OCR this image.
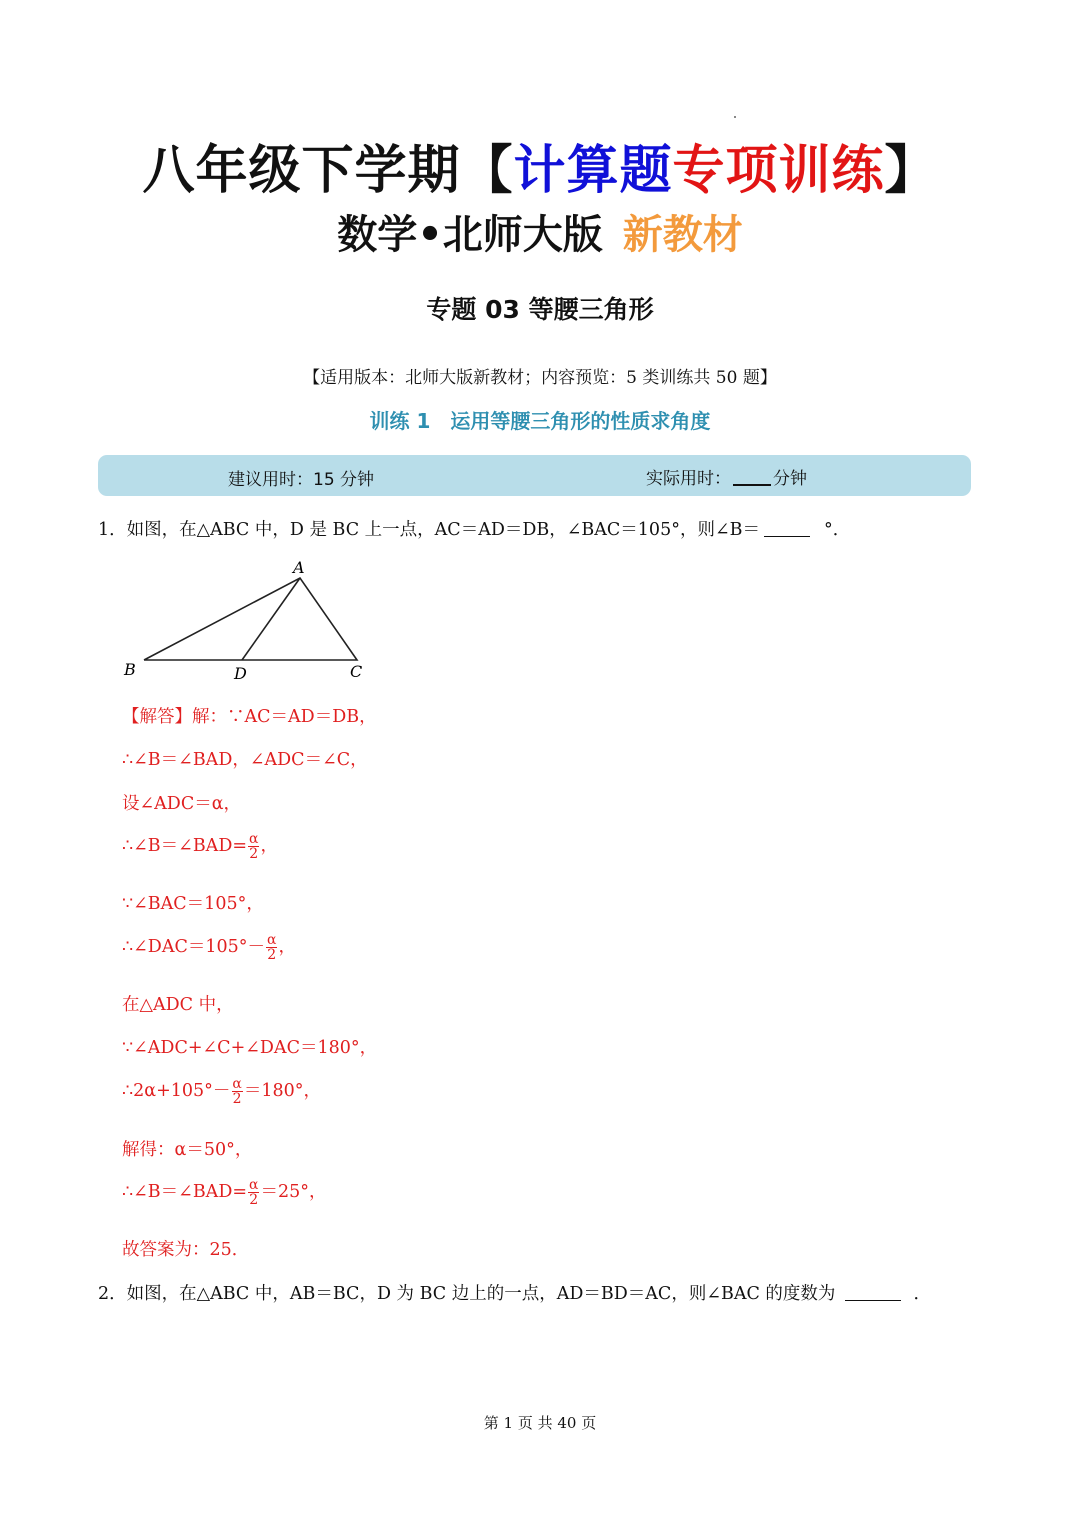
八年级下学期【计算题专项训练】
数学•北师大版 新教材
专题 03 等腰三角形
【适用版本：北师大版新教材；内容预览：5 类训练共 50 题】
训练 1　运用等腰三角形的性质求角度
建议用时：15 分钟	实际用时： 分钟
1．如图，在△ABC 中，D 是 BC 上一点，AC＝AD＝DB，∠BAC＝105°，则∠B＝	°．
A
B	D	C
【解答】解：∵AC＝AD＝DB，
∴∠B＝∠BAD，∠ADC＝∠C，
设∠ADC＝α，
∴∠B＝∠BAD= $\frac{\alpha}{2}$ ，
∵∠BAC＝105°，
∴∠DAC＝105°－ $\frac{\alpha}{2}$ ，
在△ADC 中，
∵∠ADC+∠C+∠DAC＝180°，
∴2α+105°－ $\frac{\alpha}{2} =180^\circ$，
解得：α＝50°，
∴∠B＝∠BAD= $\frac{\alpha}{2} =25^\circ$，
故答案为：25．
2．如图，在△ABC 中，AB＝BC，D 为 BC 边上的一点，AD＝BD＝AC，则∠BAC 的度数为	．
第 1 页 共 40 页
